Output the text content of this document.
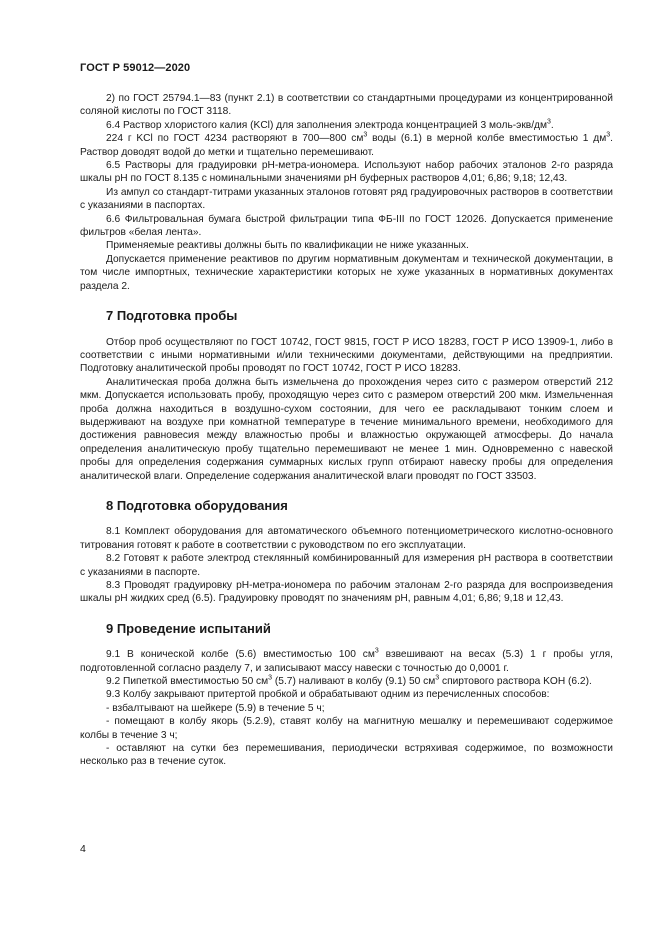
ГОСТ Р 59012—2020

2) по ГОСТ 25794.1—83 (пункт 2.1) в соответствии со стандартными процедурами из концентрированной соляной кислоты по ГОСТ 3118.

6.4 Раствор хлористого калия (KCl) для заполнения электрода концентрацией 3 моль-$экв/дм^3$.

224 г KCl по ГОСТ 4234 растворяют в 700—800 $см^3$ воды (6.1) в мерной колбе вместимостью 1 $дм^3$. Раствор доводят водой до метки и тщательно перемешивают.

6.5 Растворы для градуировки pH-метра-иономера. Используют набор рабочих эталонов 2-го разряда шкалы pH по ГОСТ 8.135 с номинальными значениями pH буферных растворов 4,01; 6,86; 9,18; 12,43.

Из ампул со стандарт-титрами указанных эталонов готовят ряд градуировочных растворов в соответствии с указаниями в паспортах.

6.6 Фильтровальная бумага быстрой фильтрации типа ФБ-III по ГОСТ 12026. Допускается применение фильтров «белая лента».

Применяемые реактивы должны быть по квалификации не ниже указанных.

Допускается применение реактивов по другим нормативным документам и технической документации, в том числе импортных, технические характеристики которых не хуже указанных в нормативных документах раздела 2.

7 Подготовка пробы

Отбор проб осуществляют по ГОСТ 10742, ГОСТ 9815, ГОСТ Р ИСО 18283, ГОСТ Р ИСО 13909-1, либо в соответствии с иными нормативными и/или техническими документами, действующими на предприятии. Подготовку аналитической пробы проводят по ГОСТ 10742, ГОСТ Р ИСО 18283.

Аналитическая проба должна быть измельчена до прохождения через сито с размером отверстий 212 мкм. Допускается использовать пробу, проходящую через сито с размером отверстий 200 мкм. Измельченная проба должна находиться в воздушно-сухом состоянии, для чего ее раскладывают тонким слоем и выдерживают на воздухе при комнатной температуре в течение минимального времени, необходимого для достижения равновесия между влажностью пробы и влажностью окружающей атмосферы. До начала определения аналитическую пробу тщательно перемешивают не менее 1 мин. Одновременно с навеской пробы для определения содержания суммарных кислых групп отбирают навеску пробы для определения аналитической влаги. Определение содержания аналитической влаги проводят по ГОСТ 33503.

8 Подготовка оборудования

8.1 Комплект оборудования для автоматического объемного потенциометрического кислотно-основного титрования готовят к работе в соответствии с руководством по его эксплуатации.

8.2 Готовят к работе электрод стеклянный комбинированный для измерения pH раствора в соответствии с указаниями в паспорте.

8.3 Проводят градуировку pH-метра-иономера по рабочим эталонам 2-го разряда для воспроизведения шкалы pH жидких сред (6.5). Градуировку проводят по значениям pH, равным 4,01; 6,86; 9,18 и 12,43.

9 Проведение испытаний

9.1 В конической колбе (5.6) вместимостью 100 $см^3$ взвешивают на весах (5.3) 1 г пробы угля, подготовленной согласно разделу 7, и записывают массу навески с точностью до 0,0001 г.

9.2 Пипеткой вместимостью 50 $см^3$ (5.7) наливают в колбу (9.1) 50 $см^3$ спиртового раствора KOH (6.2).

9.3 Колбу закрывают притертой пробкой и обрабатывают одним из перечисленных способов:

- взбалтывают на шейкере (5.9) в течение 5 ч;

- помещают в колбу якорь (5.2.9), ставят колбу на магнитную мешалку и перемешивают содержимое колбы в течение 3 ч;

- оставляют на сутки без перемешивания, периодически встряхивая содержимое, по возможности несколько раз в течение суток.

4
